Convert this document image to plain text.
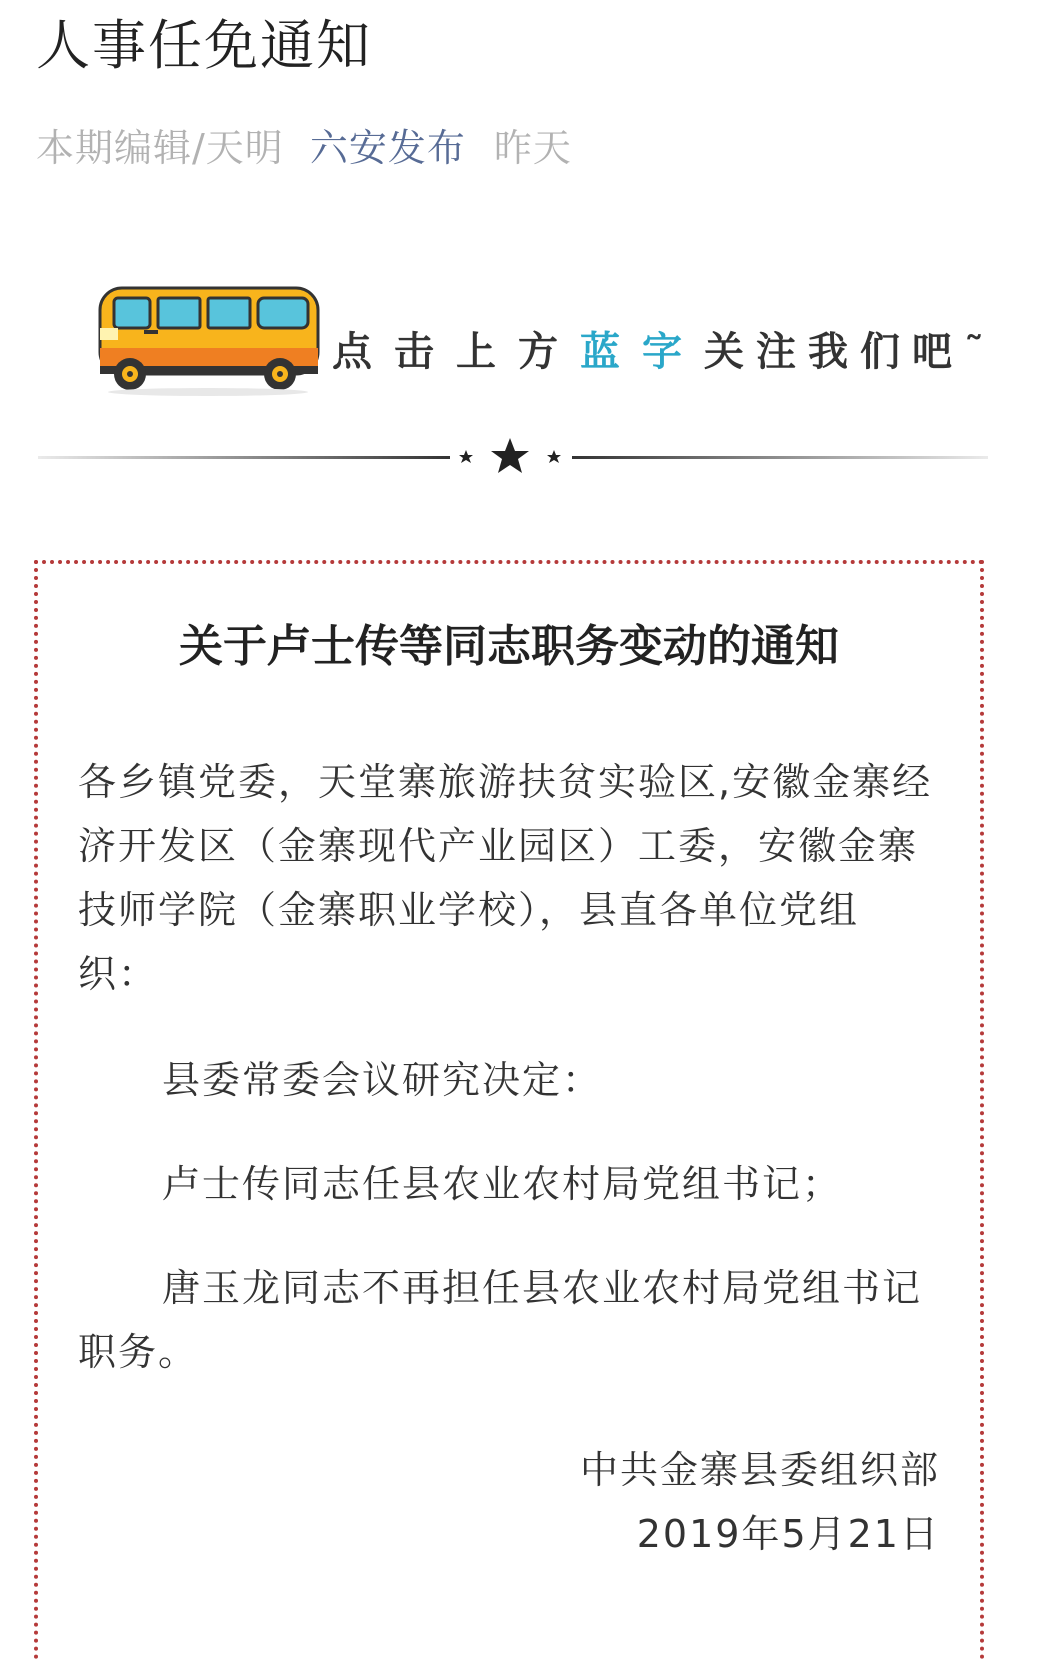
人事任免通知
本期编辑/天明 六安发布 昨天
点击上方 蓝字 关注我们吧˜
关于卢士传等同志职务变动的通知
各乡镇党委，天堂寨旅游扶贫实验区,安徽金寨经济开发区（金寨现代产业园区）工委，安徽金寨技师学院（金寨职业学校），县直各单位党组织：
县委常委会议研究决定：
卢士传同志任县农业农村局党组书记；
唐玉龙同志不再担任县农业农村局党组书记职务。
中共金寨县委组织部
2019年5月21日
